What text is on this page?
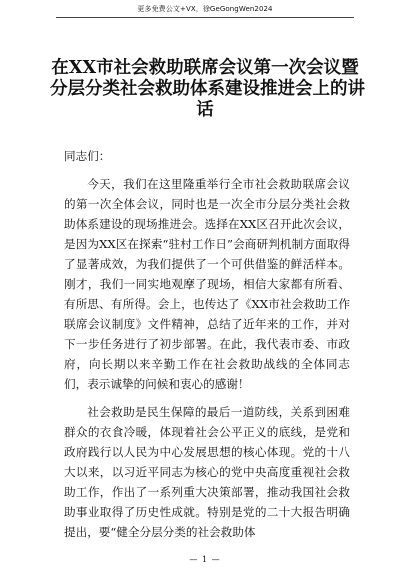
更多免费公文+VX，徐GeGongWen2024
在XX市社会救助联席会议第一次会议暨
分层分类社会救助体系建设推进会上的讲
话

同志们：

今天，我们在这里隆重举行全市社会救助联席会议的第一次全体会议，同时也是一次全市分层分类社会救助体系建设的现场推进会。选择在XX区召开此次会议，是因为XX区在探索“驻村工作日”会商研判机制方面取得了显著成效，为我们提供了一个可供借鉴的鲜活样本。刚才，我们一同实地观摩了现场，相信大家都有所看、有所思、有所得。会上，也传达了《XX市社会救助工作联席会议制度》文件精神，总结了近年来的工作，并对下一步任务进行了初步部署。在此，我代表市委、市政府，向长期以来辛勤工作在社会救助战线的全体同志们，表示诚挚的问候和衷心的感谢！

社会救助是民生保障的最后一道防线，关系到困难群众的衣食冷暖，体现着社会公平正义的底线，是党和政府践行以人民为中心发展思想的核心体现。党的十八大以来，以习近平同志为核心的党中央高度重视社会救助工作，作出了一系列重大决策部署，推动我国社会救助事业取得了历史性成就。特别是党的二十大报告明确提出，要“健全分层分类的社会救助体

— 1 —
